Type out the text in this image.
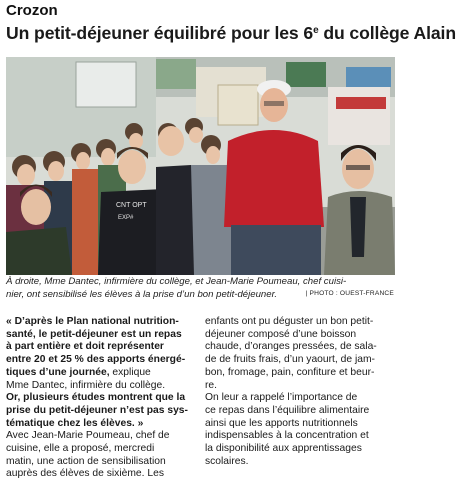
Crozon
Un petit-déjeuner équilibré pour les 6e du collège Alain
CNT OPT
EXP#
À droite, Mme Dantec, infirmière du collège, et Jean-Marie Poumeau, chef cuisi-
nier, ont sensibilisé les élèves à la prise d’un bon petit-déjeuner.	| PHOTO : OUEST-FRANCE
« D’après le Plan national nutrition-
santé, le petit-déjeuner est un repas
à part entière et doit représenter
entre 20 et 25 % des apports énergé-
tiques d’une journée, explique
Mme Dantec, infirmière du collège.
Or, plusieurs études montrent que la
prise du petit-déjeuner n’est pas sys-
tématique chez les élèves. »
Avec Jean-Marie Poumeau, chef de
cuisine, elle a proposé, mercredi
matin, une action de sensibilisation
auprès des élèves de sixième. Les
enfants ont pu déguster un bon petit-
déjeuner composé d’une boisson
chaude, d’oranges pressées, de sala-
de de fruits frais, d’un yaourt, de jam-
bon, fromage, pain, confiture et beur-
re.
On leur a rappelé l’importance de
ce repas dans l’équilibre alimentaire
ainsi que les apports nutritionnels
indispensables à la concentration et
la disponibilité aux apprentissages
scolaires.
